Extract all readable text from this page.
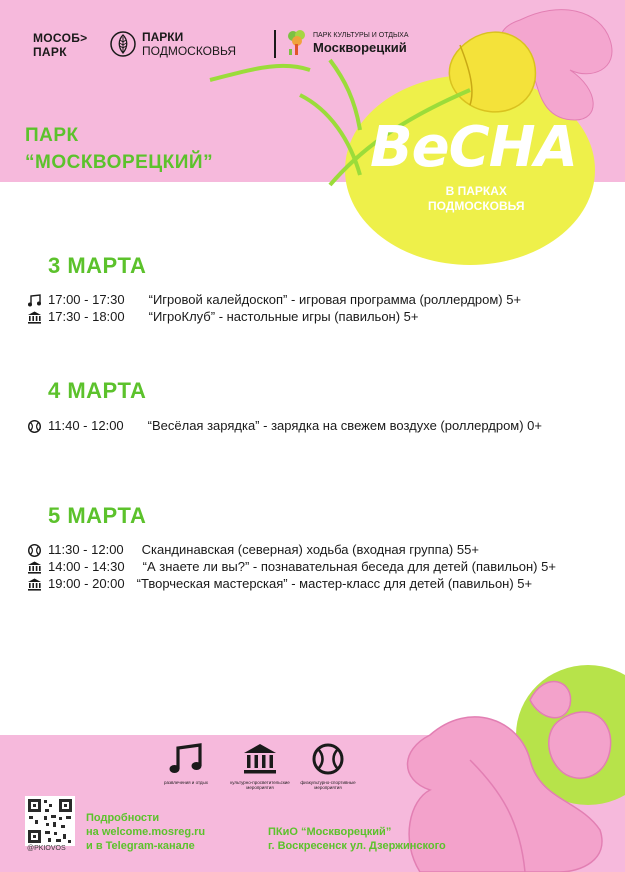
МОСОБ>
ПАРК
ПАРКИ
ПОДМОСКОВЬЯ
ПАРК КУЛЬТУРЫ И ОТДЫХА
Москворецкий
ПАРК
“МОСКВОРЕЦКИЙ”	ВеСНА
В ПАРКАХ
ПОДМОСКОВЬЯ
3 МАРТА
17:00 - 17:30 “Игровой калейдоскоп” - игровая программа (роллердром) 5+
17:30 - 18:00 “ИгроКлуб” - настольные игры (павильон) 5+
4 МАРТА
11:40 - 12:00 “Весёлая зарядка” - зарядка на свежем воздухе (роллердром) 0+
5 МАРТА
11:30 - 12:00 Скандинавская (северная) ходьба (входная группа) 55+
14:00 - 14:30 “А знаете ли вы?” - познавательная беседа для детей (павильон) 5+
19:00 - 20:00 “Творческая мастерская” - мастер-класс для детей (павильон) 5+
развлечения и отдых	культурно-просветительские мероприятия
физкультурно-спортивные мероприятия
@PKIOVOS
Подробности
на welcome.mosreg.ru
и в Telegram-канале
ПКиО “Москворецкий”
г. Воскресенск ул. Дзержинского
